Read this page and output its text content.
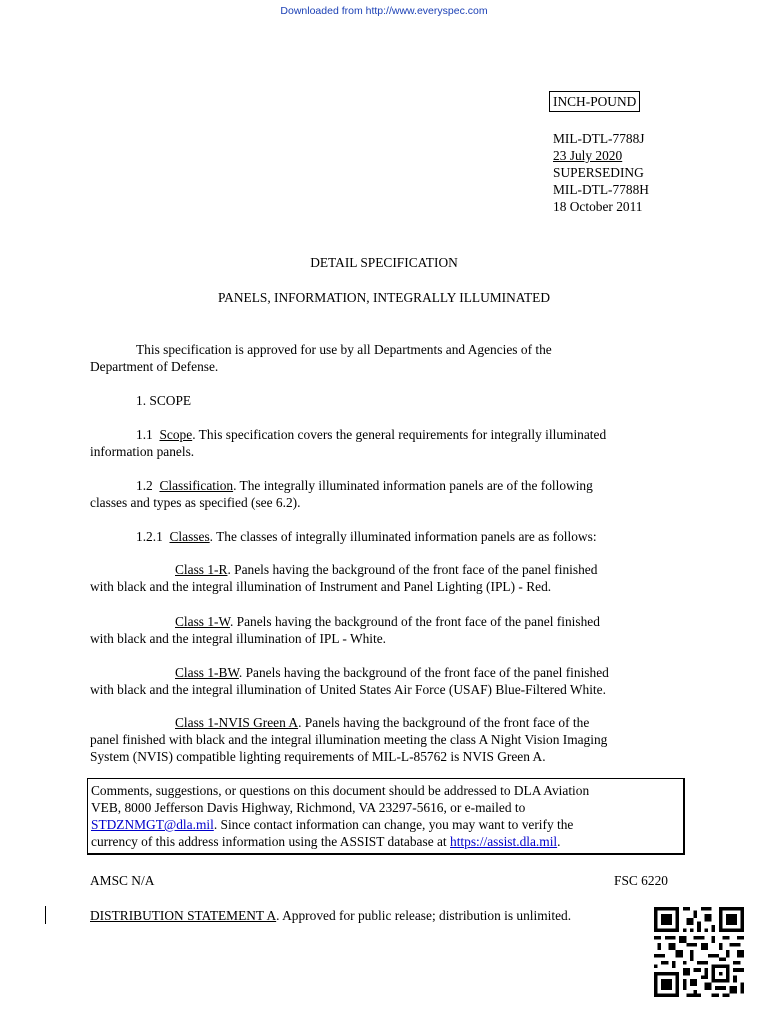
Downloaded from http://www.everyspec.com
INCH-POUND
MIL-DTL-7788J
23 July 2020
SUPERSEDING
MIL-DTL-7788H
18 October 2011
DETAIL SPECIFICATION
PANELS, INFORMATION, INTEGRALLY ILLUMINATED
This specification is approved for use by all Departments and Agencies of the
Department of Defense.
1. SCOPE
1.1 Scope. This specification covers the general requirements for integrally illuminated
information panels.
1.2 Classification. The integrally illuminated information panels are of the following
classes and types as specified (see 6.2).
1.2.1 Classes. The classes of integrally illuminated information panels are as follows:
Class 1-R. Panels having the background of the front face of the panel finished
with black and the integral illumination of Instrument and Panel Lighting (IPL) - Red.
Class 1-W. Panels having the background of the front face of the panel finished
with black and the integral illumination of IPL - White.
Class 1-BW. Panels having the background of the front face of the panel finished
with black and the integral illumination of United States Air Force (USAF) Blue-Filtered White.
Class 1-NVIS Green A. Panels having the background of the front face of the
panel finished with black and the integral illumination meeting the class A Night Vision Imaging
System (NVIS) compatible lighting requirements of MIL-L-85762 is NVIS Green A.
Comments, suggestions, or questions on this document should be addressed to DLA Aviation
VEB, 8000 Jefferson Davis Highway, Richmond, VA 23297-5616, or e-mailed to
STDZNMGT@dla.mil. Since contact information can change, you may want to verify the
currency of this address information using the ASSIST database at https://assist.dla.mil.
AMSC N/A	FSC 6220
DISTRIBUTION STATEMENT A. Approved for public release; distribution is unlimited.
